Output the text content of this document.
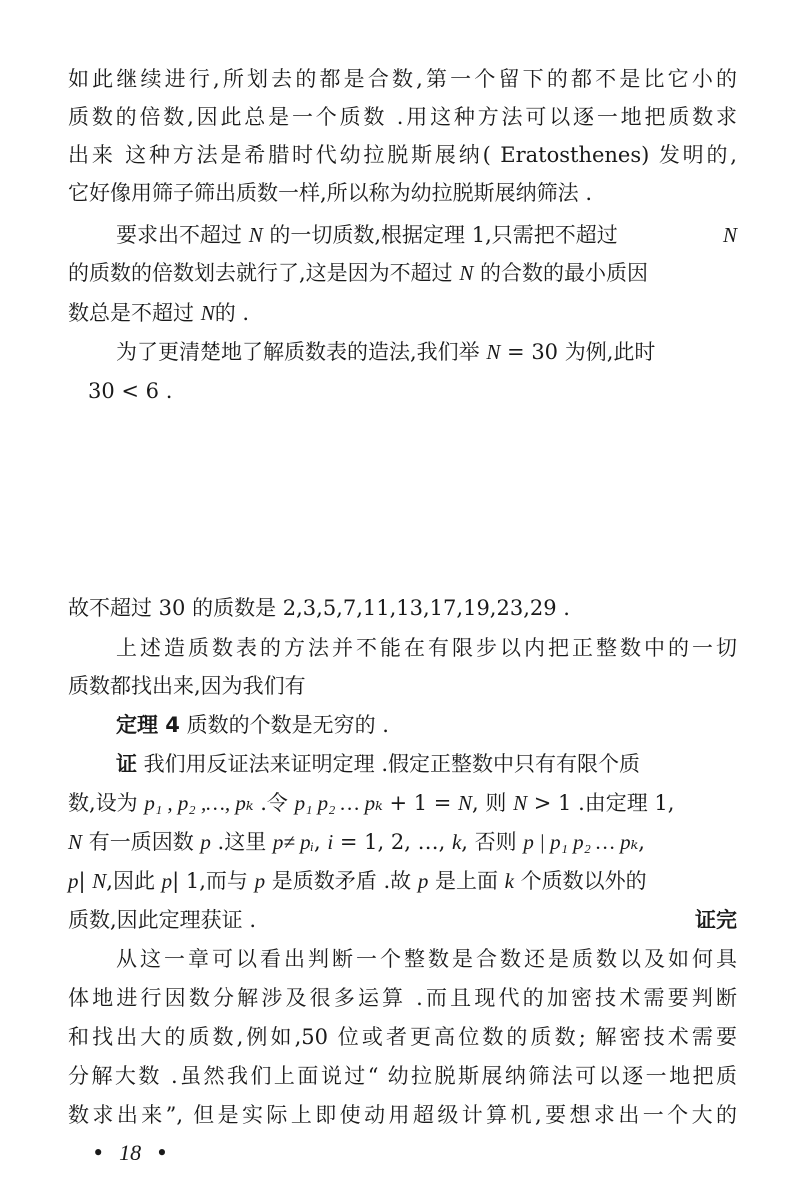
如此继续进行,所划去的都是合数,第一个留下的都不是比它小的
质数的倍数,因此总是一个质数 .用这种方法可以逐一地把质数求
出来 这种方法是希腊时代幼拉脱斯展纳( Eratosthenes) 发明的,
它好像用筛子筛出质数一样,所以称为幼拉脱斯展纳筛法 .
要求出不超过 N 的一切质数,根据定理 1,只需把不超过	N
的质数的倍数划去就行了,这是因为不超过 N 的合数的最小质因
数总是不超过 N的 .
为了更清楚地了解质数表的造法,我们举 N = 30 为例,此时
30 < 6 .
故不超过 30 的质数是 2,3,5,7,11,13,17,19,23,29 .
上述造质数表的方法并不能在有限步以内把正整数中的一切
质数都找出来,因为我们有
定理 4 质数的个数是无穷的 .
证 我们用反证法来证明定理 .假定正整数中只有有限个质
数,设为 p₁ , p₂ ,…, pₖ .令 p₁ p₂ … pₖ + 1 = N, 则 N > 1 .由定理 1,
N 有一质因数 p .这里 p≠ pᵢ, i = 1, 2, …, k, 否则 p | p₁ p₂ … pₖ,
p| N,因此 p| 1,而与 p 是质数矛盾 .故 p 是上面 k 个质数以外的
质数,因此定理获证 .	证完
从这一章可以看出判断一个整数是合数还是质数以及如何具
体地进行因数分解涉及很多运算 .而且现代的加密技术需要判断
和找出大的质数,例如,50 位或者更高位数的质数; 解密技术需要
分解大数 .虽然我们上面说过“ 幼拉脱斯展纳筛法可以逐一地把质
数求出来”, 但是实际上即使动用超级计算机,要想求出一个大的
• 18 •
